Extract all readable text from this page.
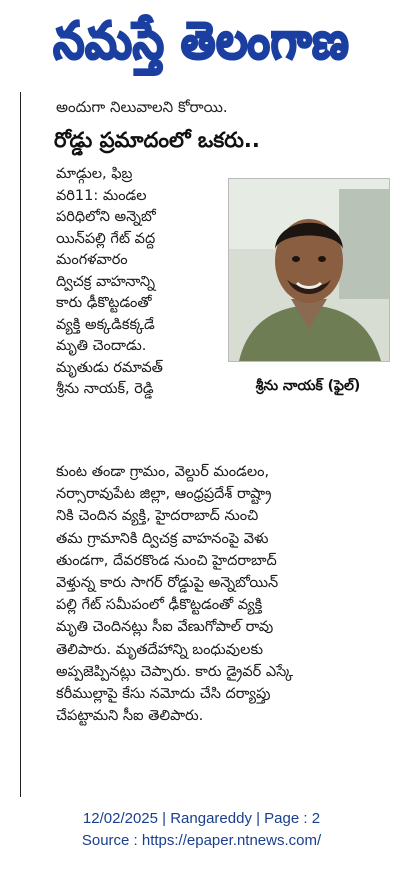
నమస్తే తెలంగాణ
అందుగా నిలువాలని కోరాయి.
రోడ్డు ప్రమాదంలో ఒకరు..
మాడ్గుల, ఫిబ్ర
వరి11: మండల
పరిధిలోని అన్నెబో
యిన్‌పల్లి గేట్ వద్ద
మంగళవారం
ద్విచక్ర వాహనాన్ని
కారు ఢీకొట్టడంతో
వ్యక్తి అక్కడికక్కడే
మృతి చెందాడు.
మృతుడు రమావత్
శ్రీను నాయక్, రెడ్డి	శ్రీను నాయక్ (ఫైల్)
కుంట తండా గ్రామం, వెల్దుర్ మండలం,
నర్సారావుపేట జిల్లా, ఆంధ్రప్రదేశ్ రాష్ట్రా
నికి చెందిన వ్యక్తి, హైదరాబాద్ నుంచి
తమ గ్రామానికి ద్విచక్ర వాహనంపై వెళు
తుండగా, దేవరకొండ నుంచి హైదరాబాద్
వెళ్తున్న కారు సాగర్ రోడ్డుపై అన్నెబోయిన్
పల్లి గేట్ సమీపంలో ఢీకొట్టడంతో వ్యక్తి
మృతి చెందినట్లు సీఐ వేణుగోపాల్ రావు
తెలిపారు. మృతదేహాన్ని బంధువులకు
అప్పజెప్పినట్లు చెప్పారు. కారు డ్రైవర్ ఎస్కే
కరీముల్లాపై కేసు నమోదు చేసి దర్యాప్తు
చేపట్టామని సీఐ తెలిపారు.
12/02/2025 | Rangareddy | Page : 2
Source : https://epaper.ntnews.com/
